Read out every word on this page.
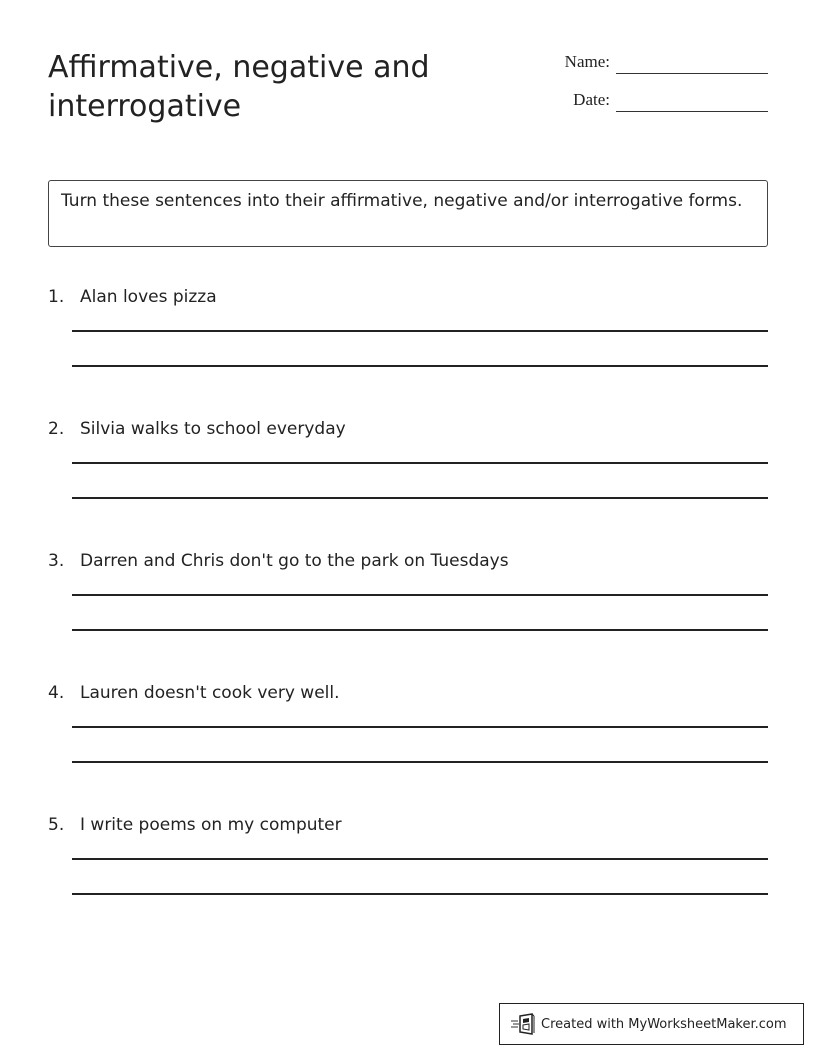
Affirmative, negative and interrogative
Name:
Date:
Turn these sentences into their affirmative, negative and/or interrogative forms.
1. Alan loves pizza
2. Silvia walks to school everyday
3. Darren and Chris don't go to the park on Tuesdays
4. Lauren doesn't cook very well.
5. I write poems on my computer
Created with MyWorksheetMaker.com
